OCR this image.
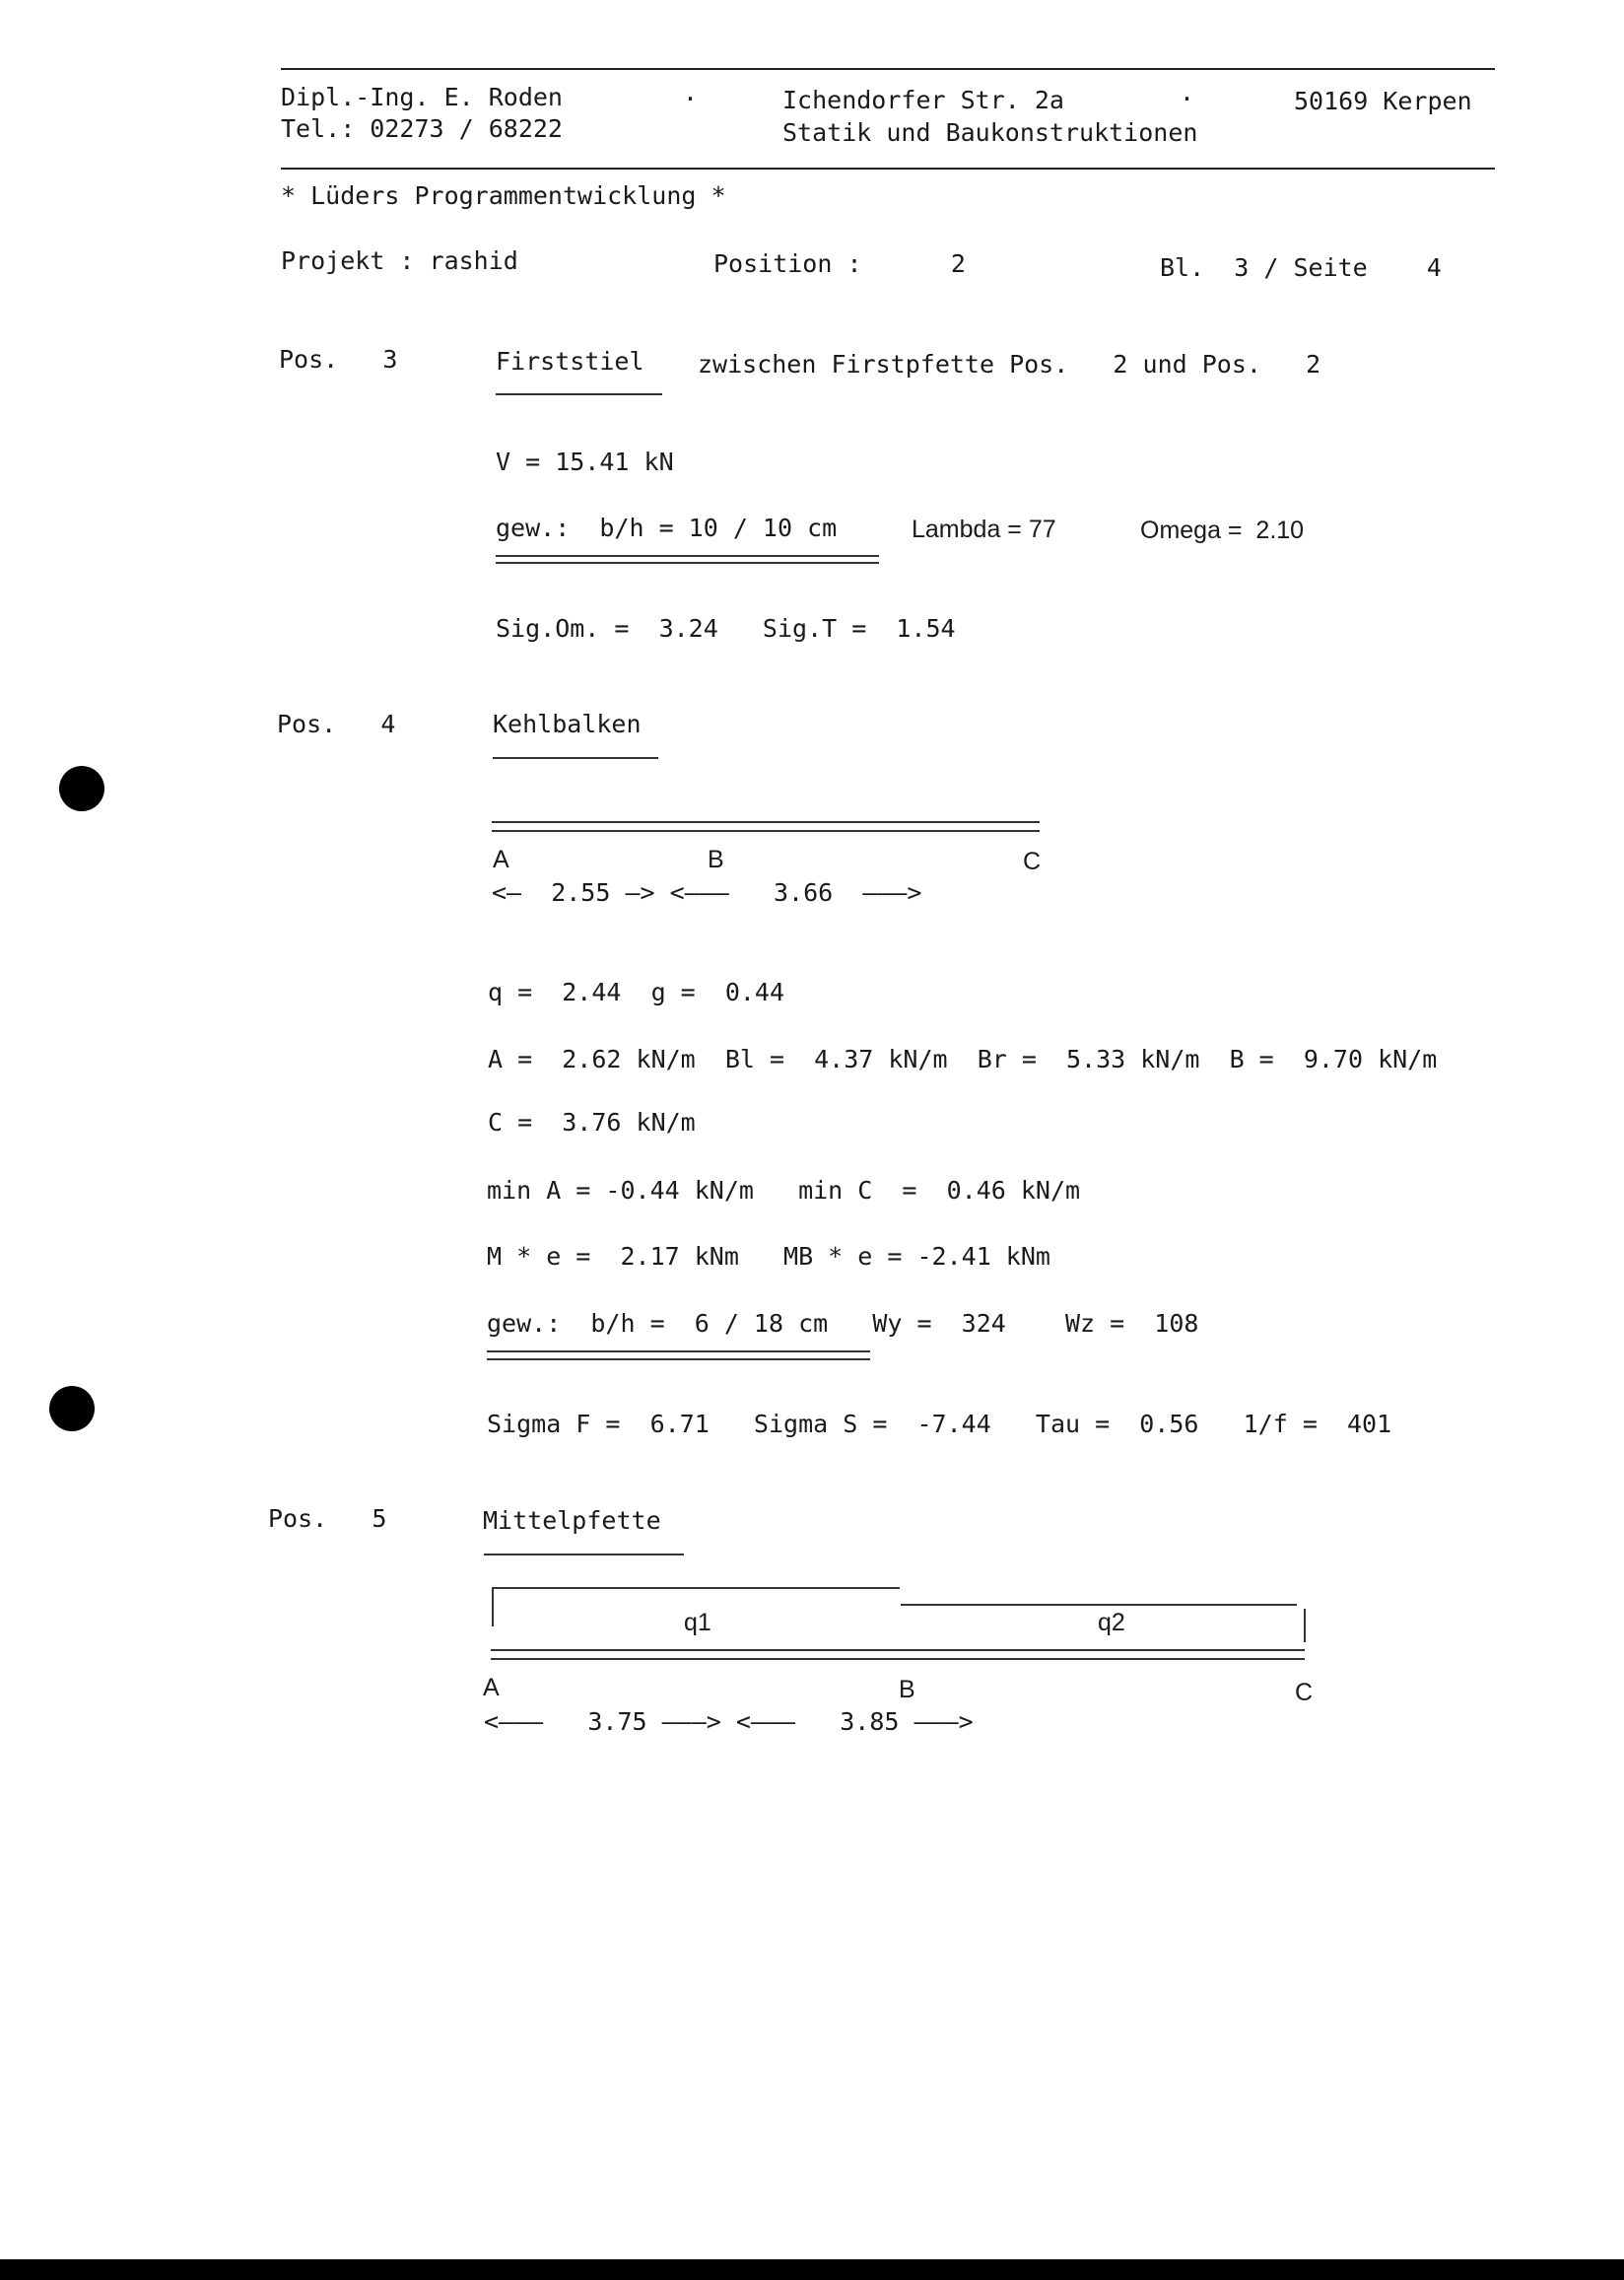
Dipl.-Ing. E. Roden
Tel.: 02273 / 68222
·	Ichendorfer Str. 2a
Statik und Baukonstruktionen
·	50169 Kerpen
* Lüders Programmentwicklung *
Projekt : rashid	Position :      2	Bl.  3 / Seite    4
Pos.   3	Firststiel zwischen Firstpfette Pos.   2 und Pos.   2
V = 15.41 kN
gew.:  b/h = 10 / 10 cm	Lambda = 77	Omega =  2.10
Sig.Om. =  3.24   Sig.T =  1.54
Pos.   4	Kehlbalken
A	B	C
<—  2.55 —> <———   3.66  ———>
q =  2.44  g =  0.44
A =  2.62 kN/m  Bl =  4.37 kN/m  Br =  5.33 kN/m  B =  9.70 kN/m
C =  3.76 kN/m
min A = -0.44 kN/m   min C  =  0.46 kN/m
M * e =  2.17 kNm   MB * e = -2.41 kNm
gew.:  b/h =  6 / 18 cm   Wy =  324    Wz =  108
Sigma F =  6.71   Sigma S =  -7.44   Tau =  0.56   1/f =  401
Pos.   5	Mittelpfette
q1	q2
A	B	C
<———   3.75 ———> <———   3.85 ———>
